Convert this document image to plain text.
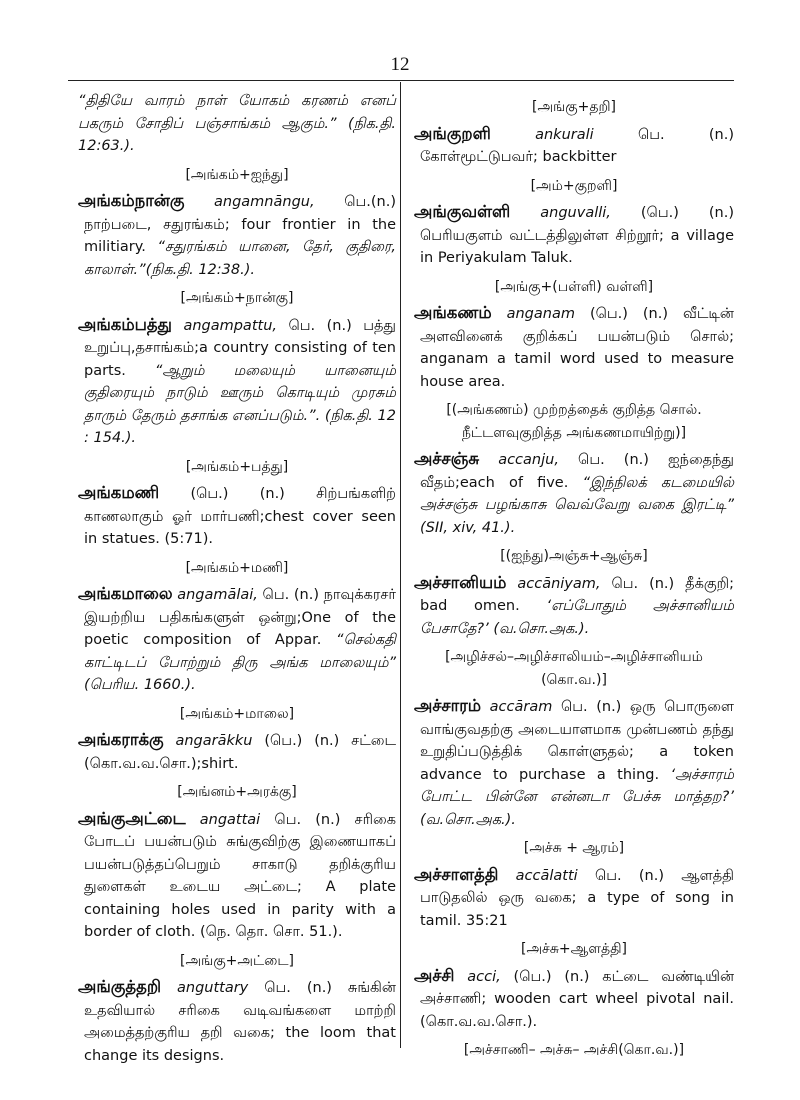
12

“திதியே வாரம் நாள் யோகம் கரணம் எனப் பகரும் சோதிப் பஞ்சாங்கம் ஆகும்.” (நிக.தி. 12:63.).

[அங்கம்+ஐந்து]

அங்கம்நான்கு angamnāngu, பெ.(n.) நாற்படை, சதுரங்கம்; four frontier in the militiary. “சதுரங்கம் யானை, தேர், குதிரை, காலாள்.”(நிக.தி. 12:38.).

[அங்கம்+நான்கு]

அங்கம்பத்து angampattu, பெ. (n.) பத்து உறுப்பு,தசாங்கம்;a country consisting of ten parts. “ஆறும் மலையும் யானையும் குதிரையும் நாடும் ஊரும் கொடியும் முரசும் தாரும் தேரும் தசாங்க எனப்படும்.”. (நிக.தி. 12 : 154.).

[அங்கம்+பத்து]

அங்கமணி (பெ.) (n.) சிற்பங்களிற் காணலாகும் ஓர் மார்பணி;chest cover seen in statues. (5:71).

[அங்கம்+மணி]

அங்கமாலை angamālai, பெ. (n.) நாவுக்கரசர் இயற்றிய பதிகங்களுள் ஒன்று;One of the poetic composition of Appar. “செல்கதி காட்டிடப் போற்றும் திரு அங்க மாலையும்” (பெரிய. 1660.).

[அங்கம்+மாலை]

அங்கராக்கு angarākku (பெ.) (n.) சட்டை (கொ.வ.வ.சொ.);shirt.

[அங்னம்+அரக்கு]

அங்குஅட்டை angattai பெ. (n.) சரிகை போடப் பயன்படும் சுங்குவிற்கு இணையாகப் பயன்படுத்தப்பெறும் சாகாடு தறிக்குரிய துளைகள் உடைய அட்டை; A plate containing holes used in parity with a border of cloth. (நெ. தொ. சொ. 51.).

[அங்கு+அட்டை]

அங்குத்தறி anguttary பெ. (n.) சுங்கின் உதவியால் சரிகை வடிவங்களை மாற்றி அமைத்தற்குரிய தறி வகை; the loom that change its designs.

[அங்கு+தறி]

அங்குறளி	ankurali	பெ. (n.) கோள்மூட்டுபவர்; backbitter

[அம்+குறளி]

அங்குவள்ளி anguvalli, (பெ.) (n.) பெரியகுளம் வட்டத்திலுள்ள சிற்றூர்; a village in Periyakulam Taluk.

[அங்கு+(பள்ளி) வள்ளி]

அங்கணம் anganam (பெ.) (n.) வீட்டின் அளவினைக் குறிக்கப் பயன்படும் சொல்; anganam a tamil word used to measure house area.

[(அங்கணம்) முற்றத்தைக் குறித்த சொல். நீட்டளவுகுறித்த அங்கணமாயிற்று)]

அச்சஞ்சு accanju, பெ. (n.) ஐந்தைந்து வீதம்;each of five. “இந்நிலக் கடமையில் அச்சஞ்சு பழங்காசு வெவ்வேறு வகை இரட்டி” (SII, xiv, 41.).

[(ஐந்து)அஞ்சு+ஆஞ்சு]

அச்சானியம் accāniyam, பெ. (n.) தீக்குறி; bad omen. ‘எப்போதும் அச்சானியம் பேசாதே?’ (வ.சொ.அக.).

[அழிச்சல்–அழிச்சாலியம்–அழிச்சானியம் (கொ.வ.)]

அச்சாரம் accāram பெ. (n.) ஒரு பொருளை வாங்குவதற்கு அடையாளமாக முன்பணம் தந்து உறுதிப்படுத்திக் கொள்ளுதல்; a token advance to purchase a thing. ‘அச்சாரம் போட்ட பின்னே என்னடா பேச்சு மாத்தற?’ (வ.சொ.அக.).

[அச்சு + ஆரம்]

அச்சாளத்தி accālatti பெ. (n.) ஆளத்தி பாடுதலில் ஒரு வகை; a type of song in tamil. 35:21

[அச்சு+ஆளத்தி]

அச்சி acci, (பெ.) (n.) கட்டை வண்டியின் அச்சாணி; wooden cart wheel pivotal nail. (கொ.வ.வ.சொ.).

[அச்சாணி– அச்சு– அச்சி(கொ.வ.)]
